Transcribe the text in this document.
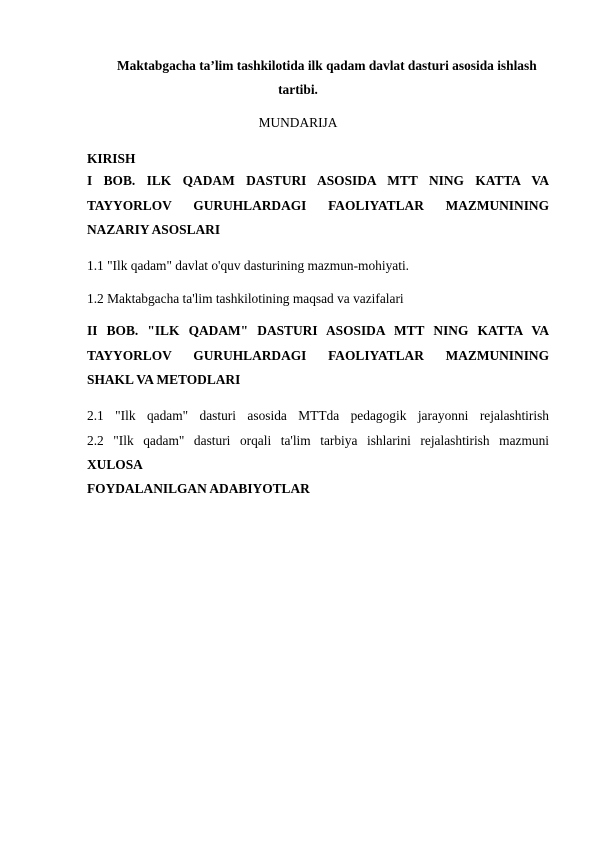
Maktabgacha ta’lim tashkilotida ilk qadam davlat dasturi asosida ishlash
tartibi.
MUNDARIJA
KIRISH
I BOB. ILK QADAM DASTURI ASOSIDA MTT NING KATTA VA
TAYYORLOV GURUHLARDAGI FAOLIYATLAR MAZMUNINING
NAZARIY ASOSLARI
1.1 "Ilk qadam" davlat o'quv dasturining mazmun-mohiyati.
1.2 Maktabgacha ta'lim tashkilotining maqsad va vazifalari
II BOB. "ILK QADAM" DASTURI ASOSIDA MTT NING KATTA VA
TAYYORLOV GURUHLARDAGI FAOLIYATLAR MAZMUNINING
SHAKL VA METODLARI
2.1 "Ilk qadam" dasturi asosida MTTda pedagogik jarayonni rejalashtirish
2.2 "Ilk qadam" dasturi orqali ta'lim tarbiya ishlarini rejalashtirish mazmuni
XULOSA
FOYDALANILGAN ADABIYOTLAR
